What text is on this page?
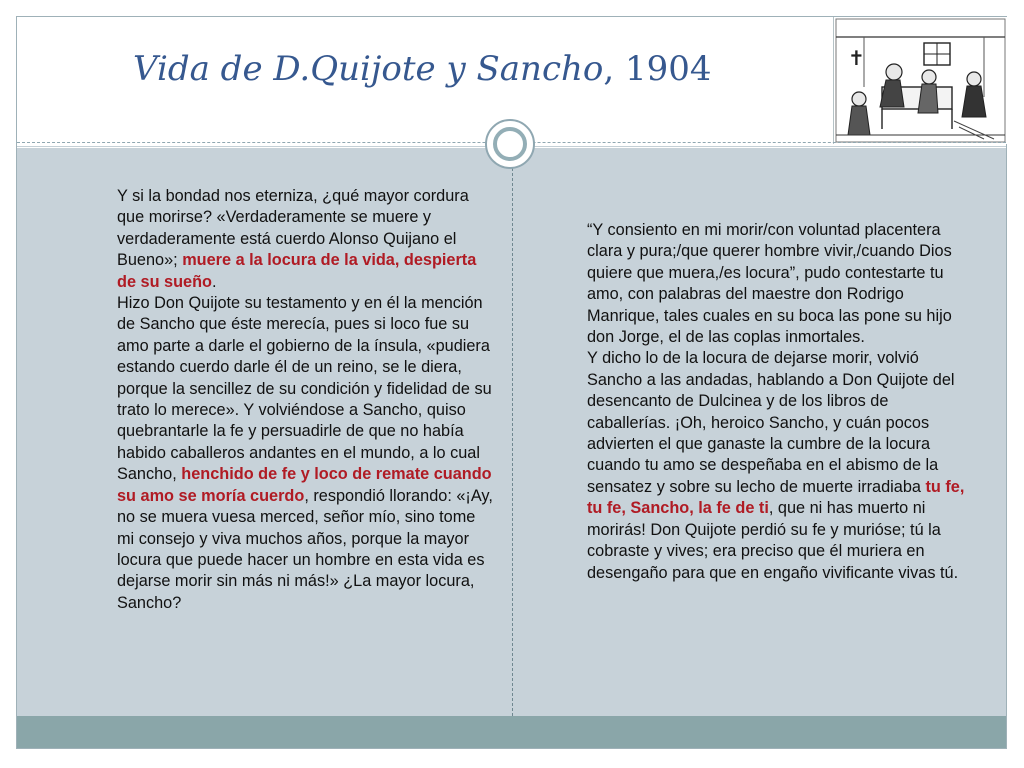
Vida de D.Quijote y Sancho, 1904	✝

Y si la bondad nos eterniza, ¿qué mayor cordura que morirse? «Verdaderamente se muere y verdaderamente está cuerdo Alonso Quijano el Bueno»; muere a la locura de la vida, despierta de su sueño.
Hizo Don Quijote su testamento y en él la mención de Sancho que éste merecía, pues si loco fue su amo parte a darle el gobierno de la ínsula, «pudiera estando cuerdo darle él de un reino, se le diera, porque la sencillez de su condición y fidelidad de su trato lo merece». Y volviéndose a Sancho, quiso quebrantarle la fe y persuadirle de que no había habido caballeros andantes en el mundo, a lo cual Sancho, henchido de fe y loco de remate cuando su amo se moría cuerdo, respondió llorando: «¡Ay, no se muera vuesa merced, señor mío, sino tome mi consejo y viva muchos años, porque la mayor locura que puede hacer un hombre en esta vida es dejarse morir sin más ni más!» ¿La mayor locura, Sancho?

“Y consiento en mi morir/con voluntad placentera clara y pura;/que querer hombre vivir,/cuando Dios quiere que muera,/es locura”, pudo contestarte tu amo, con palabras del maestre don Rodrigo Manrique, tales cuales en su boca las pone su hijo don Jorge, el de las coplas inmortales.
Y dicho lo de la locura de dejarse morir, volvió Sancho a las andadas, hablando a Don Quijote del desencanto de Dulcinea y de los libros de caballerías. ¡Oh, heroico Sancho, y cuán pocos advierten el que ganaste la cumbre de la locura cuando tu amo se despeñaba en el abismo de la sensatez y sobre su lecho de muerte irradiaba tu fe, tu fe, Sancho, la fe de ti, que ni has muerto ni morirás! Don Quijote perdió su fe y murióse; tú la cobraste y vives; era preciso que él muriera en desengaño para que en engaño vivificante vivas tú.
